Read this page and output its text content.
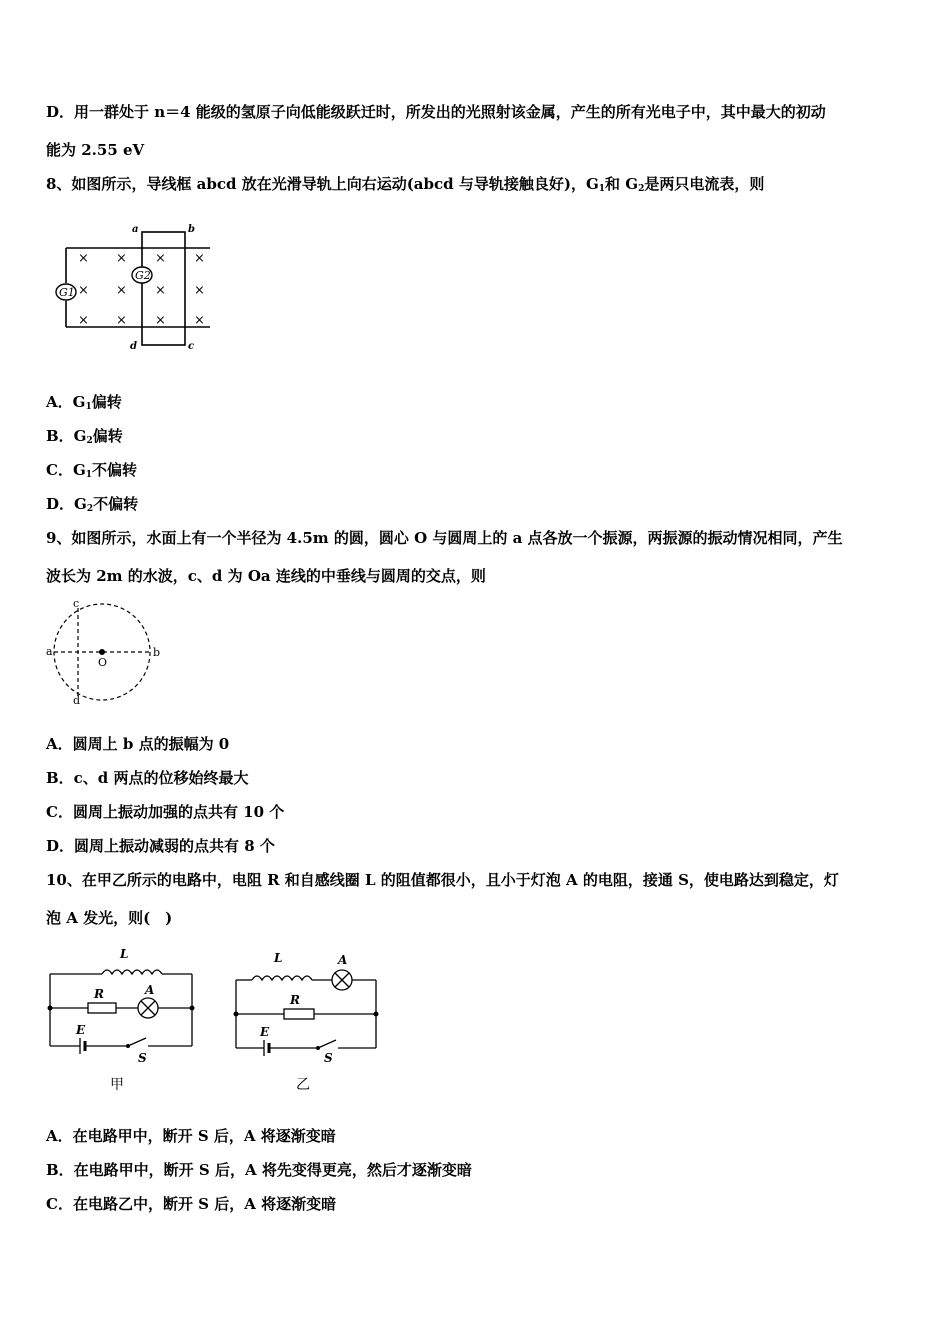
D．用一群处于 n＝4 能级的氢原子向低能级跃迁时，所发出的光照射该金属，产生的所有光电子中，其中最大的初动
能为 2.55 eV
8、如图所示，导线框 abcd 放在光滑导轨上向右运动(abcd 与导轨接触良好)，$G_1$和 $G_2$是两只电流表，则
G1
G2
× × × ×
× × × ×
× × × ×
a	b
c
d
A．$G_1$偏转
B．$G_2$偏转
C．$G_1$不偏转
D．$G_2$不偏转
9、如图所示，水面上有一个半径为 4.5m 的圆，圆心 O 与圆周上的 a 点各放一个振源，两振源的振动情况相同，产生
波长为 2m 的水波，c、d 为 Oa 连线的中垂线与圆周的交点，则
a	b
c
d
O
A．圆周上 b 点的振幅为 0
B．c、d 两点的位移始终最大
C．圆周上振动加强的点共有 10 个
D．圆周上振动减弱的点共有 8 个
10、在甲乙所示的电路中，电阻 R 和自感线圈 L 的阻值都很小，且小于灯泡 A 的电阻，接通 S，使电路达到稳定，灯
泡 A 发光，则(　)
L
R	A
E
S
甲
L
R
A
E
S
乙
A．在电路甲中，断开 S 后，A 将逐渐变暗
B．在电路甲中，断开 S 后，A 将先变得更亮，然后才逐渐变暗
C．在电路乙中，断开 S 后，A 将逐渐变暗
